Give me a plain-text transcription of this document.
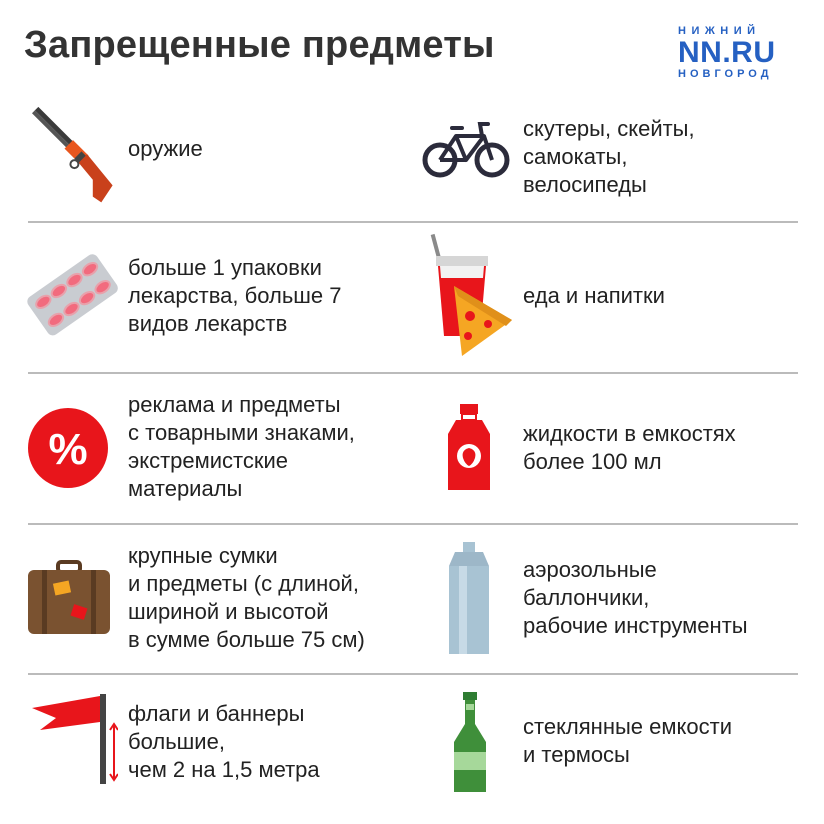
Запрещенные предметы	НИЖНИЙ
NN.RU
НОВГОРОД
оружие
скутеры, скейты,
самокаты,
велосипеды
больше 1 упаковки
лекарства, больше 7
видов лекарств
еда и напитки
%
реклама и предметы
с товарными знаками,
экстремистские
материалы
жидкости в емкостях
более 100 мл
крупные сумки
и предметы (с длиной,
шириной и высотой
в сумме больше 75 см)
аэрозольные
баллончики,
рабочие инструменты
флаги и баннеры
большие,
чем 2 на 1,5 метра
стеклянные емкости
и термосы
